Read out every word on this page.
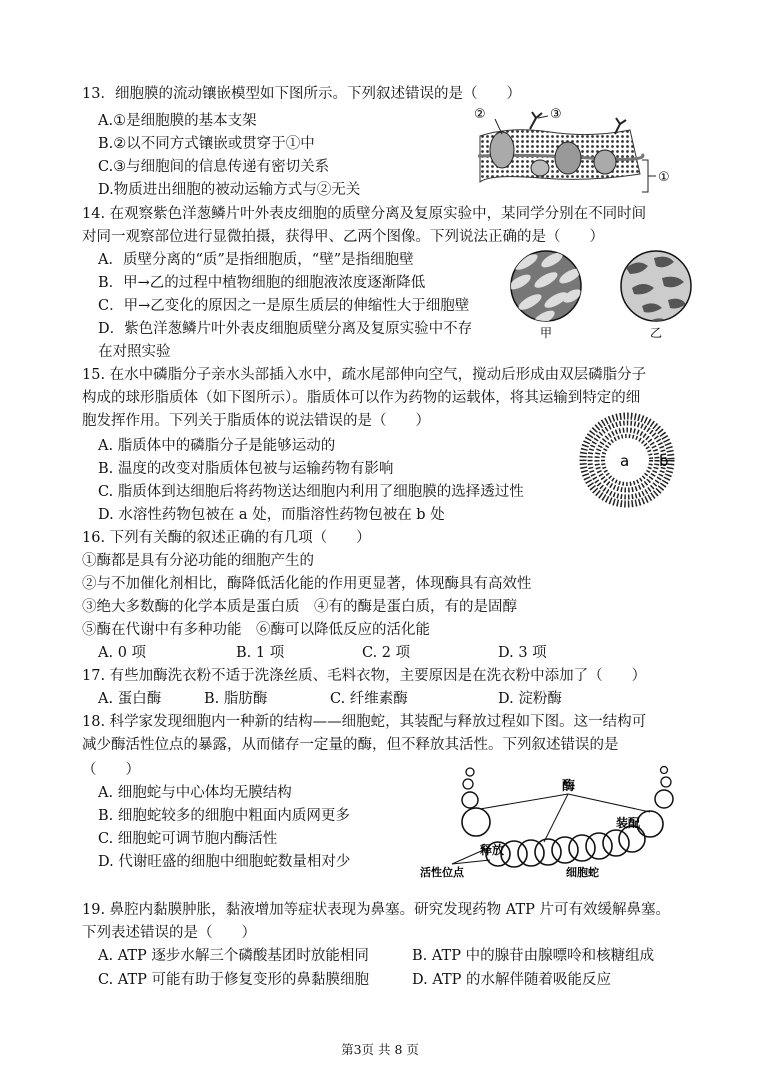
13．细胞膜的流动镶嵌模型如下图所示。下列叙述错误的是（　　）
A.①是细胞膜的基本支架
B.②以不同方式镶嵌或贯穿于①中
C.③与细胞间的信息传递有密切关系
D.物质进出细胞的被动运输方式与②无关
②	③
①
14. 在观察紫色洋葱鳞片叶外表皮细胞的质壁分离及复原实验中，某同学分别在不同时间
对同一观察部位进行显微拍摄，获得甲、乙两个图像。下列说法正确的是（　　）
A．质壁分离的“质”是指细胞质，“壁”是指细胞壁
B．甲→乙的过程中植物细胞的细胞液浓度逐渐降低
C．甲→乙变化的原因之一是原生质层的伸缩性大于细胞壁
D．紫色洋葱鳞片叶外表皮细胞质壁分离及复原实验中不存
在对照实验
甲	乙
15. 在水中磷脂分子亲水头部插入水中，疏水尾部伸向空气，搅动后形成由双层磷脂分子
构成的球形脂质体（如下图所示）。脂质体可以作为药物的运载体，将其运输到特定的细
胞发挥作用。下列关于脂质体的说法错误的是（　　）
A. 脂质体中的磷脂分子是能够运动的
B. 温度的改变对脂质体包被与运输药物有影响
C. 脂质体到达细胞后将药物送达细胞内利用了细胞膜的选择透过性
D. 水溶性药物包被在 a 处，而脂溶性药物包被在 b 处
a b
16. 下列有关酶的叙述正确的有几项（　　）
①酶都是具有分泌功能的细胞产生的
②与不加催化剂相比，酶降低活化能的作用更显著，体现酶具有高效性
③绝大多数酶的化学本质是蛋白质　④有的酶是蛋白质，有的是固醇
⑤酶在代谢中有多种功能　⑥酶可以降低反应的活化能
A. 0 项	B. 1 项	C. 2 项	D. 3 项
17. 有些加酶洗衣粉不适于洗涤丝质、毛料衣物，主要原因是在洗衣粉中添加了（　　）
A. 蛋白酶	B. 脂肪酶	C. 纤维素酶	D. 淀粉酶
18. 科学家发现细胞内一种新的结构——细胞蛇，其装配与释放过程如下图。这一结构可
减少酶活性位点的暴露，从而储存一定量的酶，但不释放其活性。下列叙述错误的是
（　　）
A. 细胞蛇与中心体均无膜结构
B. 细胞蛇较多的细胞中粗面内质网更多
C. 细胞蛇可调节胞内酶活性
D. 代谢旺盛的细胞中细胞蛇数量相对少
酶
释放
装配
活性位点	细胞蛇
19. 鼻腔内黏膜肿胀，黏液增加等症状表现为鼻塞。研究发现药物 ATP 片可有效缓解鼻塞。
下列表述错误的是（　　）
A. ATP 逐步水解三个磷酸基团时放能相同	B. ATP 中的腺苷由腺嘌呤和核糖组成
C. ATP 可能有助于修复变形的鼻黏膜细胞	D. ATP 的水解伴随着吸能反应
第3页 共 8 页
